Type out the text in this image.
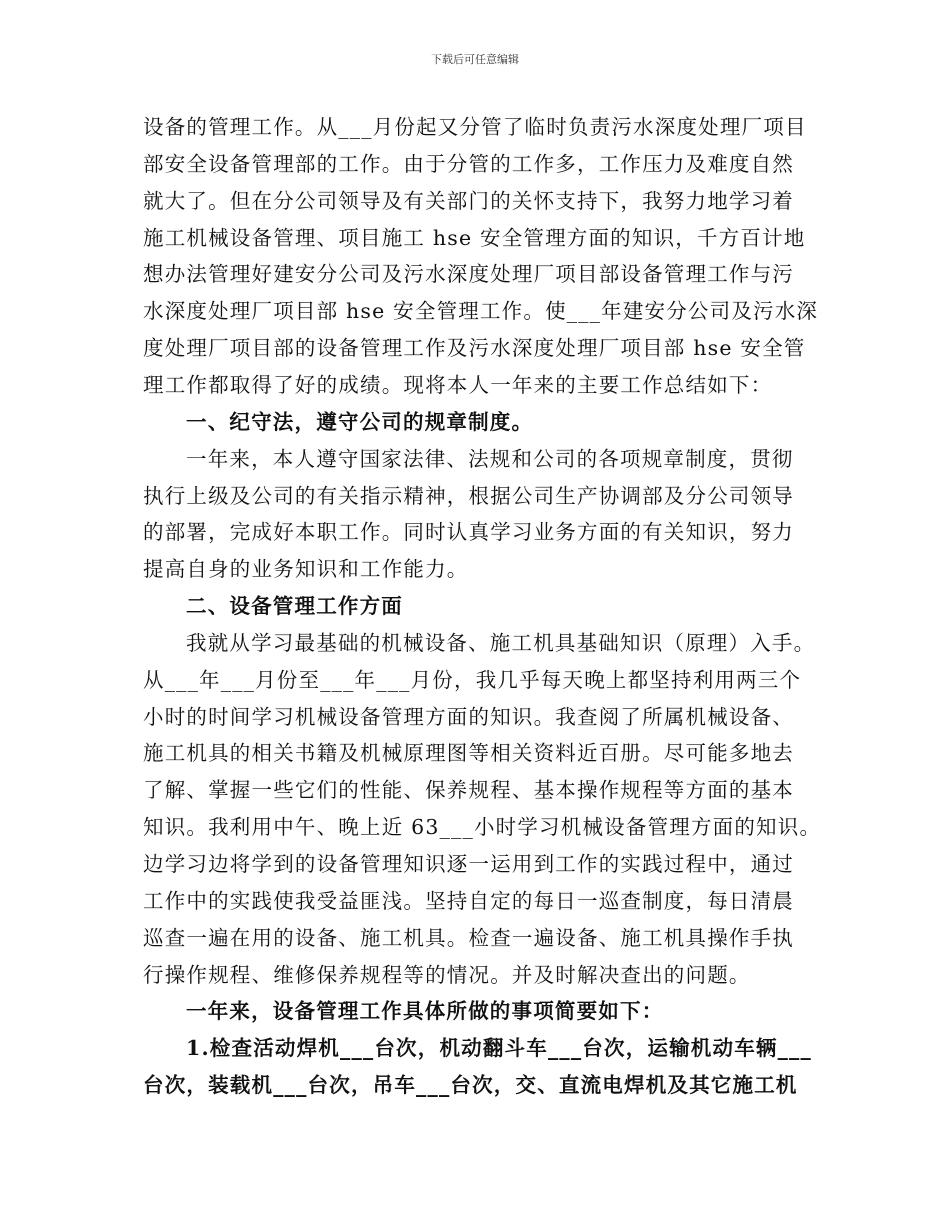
下载后可任意编辑
设备的管理工作。从___月份起又分管了临时负责污水深度处理厂项目
部安全设备管理部的工作。由于分管的工作多，工作压力及难度自然
就大了。但在分公司领导及有关部门的关怀支持下，我努力地学习着
施工机械设备管理、项目施工 hse 安全管理方面的知识，千方百计地
想办法管理好建安分公司及污水深度处理厂项目部设备管理工作与污
水深度处理厂项目部 hse 安全管理工作。使___年建安分公司及污水深
度处理厂项目部的设备管理工作及污水深度处理厂项目部 hse 安全管
理工作都取得了好的成绩。现将本人一年来的主要工作总结如下：
一、纪守法，遵守公司的规章制度。
一年来，本人遵守国家法律、法规和公司的各项规章制度，贯彻
执行上级及公司的有关指示精神，根据公司生产协调部及分公司领导
的部署，完成好本职工作。同时认真学习业务方面的有关知识，努力
提高自身的业务知识和工作能力。
二、设备管理工作方面
我就从学习最基础的机械设备、施工机具基础知识（原理）入手。
从___年___月份至___年___月份，我几乎每天晚上都坚持利用两三个
小时的时间学习机械设备管理方面的知识。我查阅了所属机械设备、
施工机具的相关书籍及机械原理图等相关资料近百册。尽可能多地去
了解、掌握一些它们的性能、保养规程、基本操作规程等方面的基本
知识。我利用中午、晚上近 63___小时学习机械设备管理方面的知识。
边学习边将学到的设备管理知识逐一运用到工作的实践过程中，通过
工作中的实践使我受益匪浅。坚持自定的每日一巡查制度，每日清晨
巡查一遍在用的设备、施工机具。检查一遍设备、施工机具操作手执
行操作规程、维修保养规程等的情况。并及时解决查出的问题。
一年来，设备管理工作具体所做的事项简要如下：
1.检查活动焊机___台次，机动翻斗车___台次，运输机动车辆___
台次，装载机___台次，吊车___台次，交、直流电焊机及其它施工机
